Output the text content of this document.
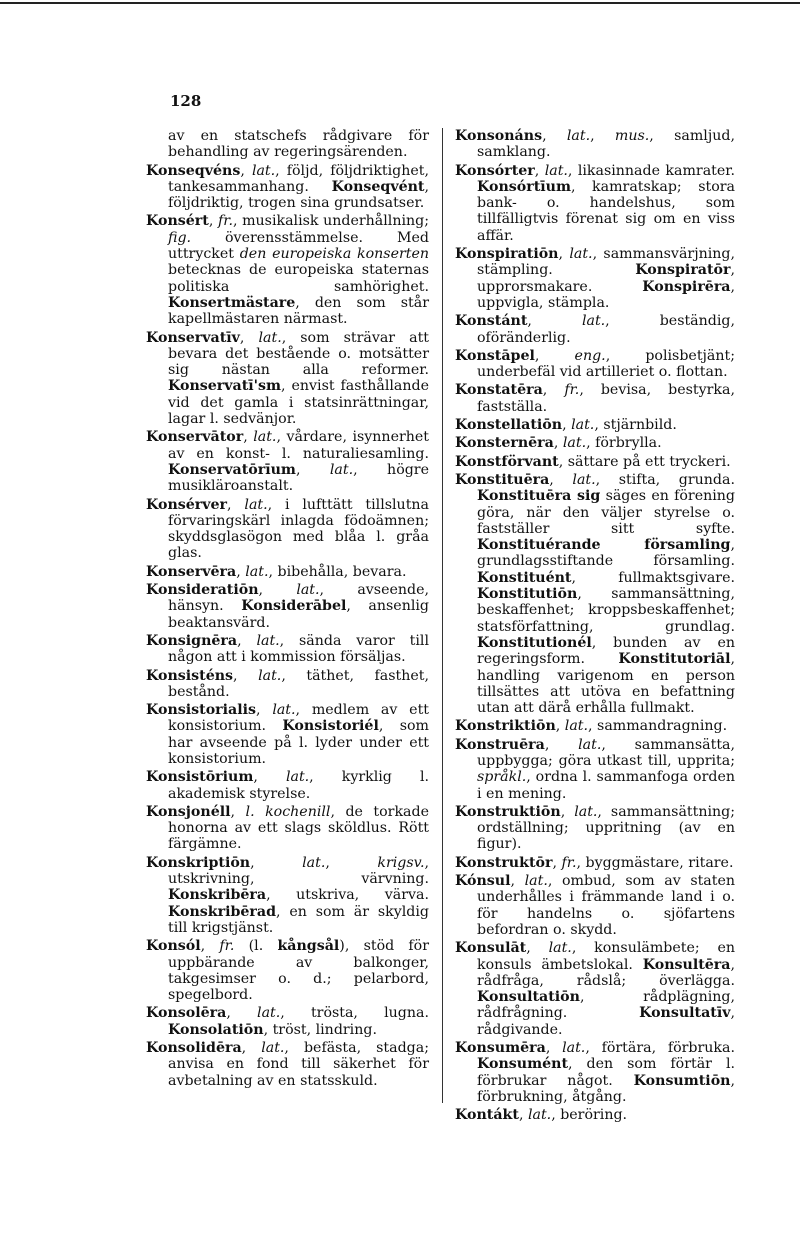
128

av en statschefs rådgivare för behandling av regeringsärenden.

Konseqvéns, lat., följd, följdriktighet, tankesammanhang. Konseqvént, följdriktig, trogen sina grundsatser.

Konsért, fr., musikalisk underhållning; fig. överensstämmelse. Med uttrycket den europeiska konserten betecknas de europeiska staternas politiska samhörighet. Konsertmästare, den som står kapellmästaren närmast.

Konservatīv, lat., som strävar att bevara det bestående o. motsätter sig nästan alla reformer. Konservatī'sm, envist fasthållande vid det gamla i statsinrättningar, lagar l. sedvänjor.

Konservātor, lat., vårdare, isynnerhet av en konst- l. naturaliesamling. Konservatōrīum, lat., högre musikläroanstalt.

Konsérver, lat., i lufttätt tillslutna förvaringskärl inlagda födoämnen; skyddsglasögon med blåa l. gråa glas.

Konservēra, lat., bibehålla, bevara.

Konsideratiōn, lat., avseende, hänsyn. Konsiderābel, ansenlig beaktansvärd.

Konsignēra, lat., sända varor till någon att i kommission försäljas.

Konsisténs, lat., täthet, fasthet, bestånd.

Konsistorialis, lat., medlem av ett konsistorium. Konsistoriél, som har avseende på l. lyder under ett konsistorium.

Konsistōrium, lat., kyrklig l. akademisk styrelse.

Konsjonéll, l. kochenill, de torkade honorna av ett slags sköldlus. Rött färgämne.

Konskriptiōn, lat., krigsv., utskrivning, värvning. Konskribēra, utskriva, värva. Konskribērad, en som är skyldig till krigstjänst.

Konsól, fr. (l. kångsål), stöd för uppbärande av balkonger, takgesimser o. d.; pelarbord, spegelbord.

Konsolēra, lat., trösta, lugna. Konsolatiōn, tröst, lindring.

Konsolidēra, lat., befästa, stadga; anvisa en fond till säkerhet för avbetalning av en statsskuld.

Konsonáns, lat., mus., samljud, samklang.

Konsórter, lat., likasinnade kamrater. Konsórtīum, kamratskap; stora bank- o. handelshus, som tillfälligtvis förenat sig om en viss affär.

Konspiratiōn, lat., sammansvärjning, stämpling. Konspiratōr, upprorsmakare. Konspirēra, uppvigla, stämpla.

Konstánt, lat., beständig, oföränderlig.

Konstāpel, eng., polisbetjänt; underbefäl vid artilleriet o. flottan.

Konstatēra, fr., bevisa, bestyrka, fastställa.

Konstellatiōn, lat., stjärnbild.

Konsternēra, lat., förbrylla.

Konstförvant, sättare på ett tryckeri.

Konstituēra, lat., stifta, grunda. Konstituēra sig säges en förening göra, när den väljer styrelse o. fastställer sitt syfte. Konstituérande församling, grundlagsstiftande församling. Konstituént, fullmaktsgivare. Konstitutiōn, sammansättning, beskaffenhet; kroppsbeskaffenhet; statsförfattning, grundlag. Konstitutionél, bunden av en regeringsform. Konstitutoriāl, handling varigenom en person tillsättes att utöva en befattning utan att därå erhålla fullmakt.

Konstriktiōn, lat., sammandragning.

Konstruēra, lat., sammansätta, uppbygga; göra utkast till, uppritа; språkl., ordna l. sammanfoga orden i en mening.

Konstruktiōn, lat., sammansättning; ordställning; uppritning (av en figur).

Konstruktōr, fr., byggmästare, ritare.

Kónsul, lat., ombud, som av staten underhålles i främmande land i o. för handelns o. sjöfartens befordran o. skydd.

Konsulāt, lat., konsulämbete; en konsuls ämbetslokal. Konsultēra, rådfråga, rådslå; överlägga. Konsultatiōn, rådplägning, rådfrågning. Konsultatīv, rådgivande.

Konsumēra, lat., förtära, förbruka. Konsumént, den som förtär l. förbrukar något. Konsumtiōn, förbrukning, åtgång.

Kontákt, lat., beröring.
